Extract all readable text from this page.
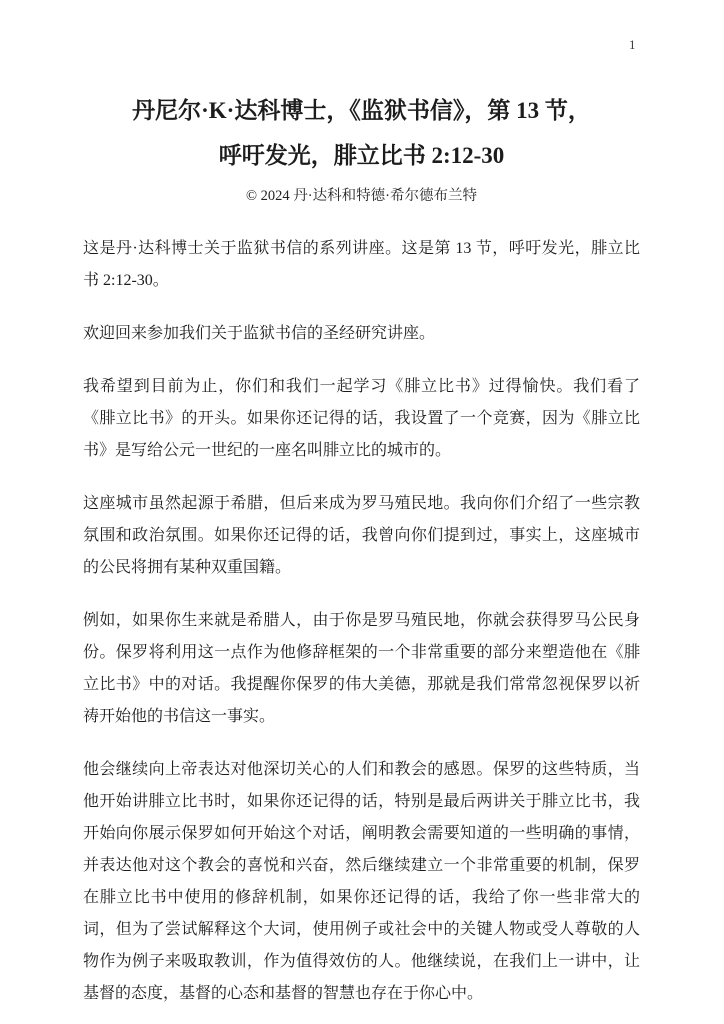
1
丹尼尔·K·达科博士，《监狱书信》，第 13 节，
呼吁发光，腓立比书 2:12-30
© 2024 丹·达科和特德·希尔德布兰特

这是丹·达科博士关于监狱书信的系列讲座。这是第 13 节，呼吁发光，腓立比书 2:12-30。

欢迎回来参加我们关于监狱书信的圣经研究讲座。

我希望到目前为止，你们和我们一起学习《腓立比书》过得愉快。我们看了《腓立比书》的开头。如果你还记得的话，我设置了一个竞赛，因为《腓立比书》是写给公元一世纪的一座名叫腓立比的城市的。

这座城市虽然起源于希腊，但后来成为罗马殖民地。我向你们介绍了一些宗教氛围和政治氛围。如果你还记得的话，我曾向你们提到过，事实上，这座城市的公民将拥有某种双重国籍。

例如，如果你生来就是希腊人，由于你是罗马殖民地，你就会获得罗马公民身份。保罗将利用这一点作为他修辞框架的一个非常重要的部分来塑造他在《腓立比书》中的对话。我提醒你保罗的伟大美德，那就是我们常常忽视保罗以祈祷开始他的书信这一事实。

他会继续向上帝表达对他深切关心的人们和教会的感恩。保罗的这些特质，当他开始讲腓立比书时，如果你还记得的话，特别是最后两讲关于腓立比书，我开始向你展示保罗如何开始这个对话，阐明教会需要知道的一些明确的事情，并表达他对这个教会的喜悦和兴奋，然后继续建立一个非常重要的机制，保罗在腓立比书中使用的修辞机制，如果你还记得的话，我给了你一些非常大的词，但为了尝试解释这个大词，使用例子或社会中的关键人物或受人尊敬的人物作为例子来吸取教训，作为值得效仿的人。他继续说，在我们上一讲中，让基督的态度，基督的心态和基督的智慧也存在于你心中。
